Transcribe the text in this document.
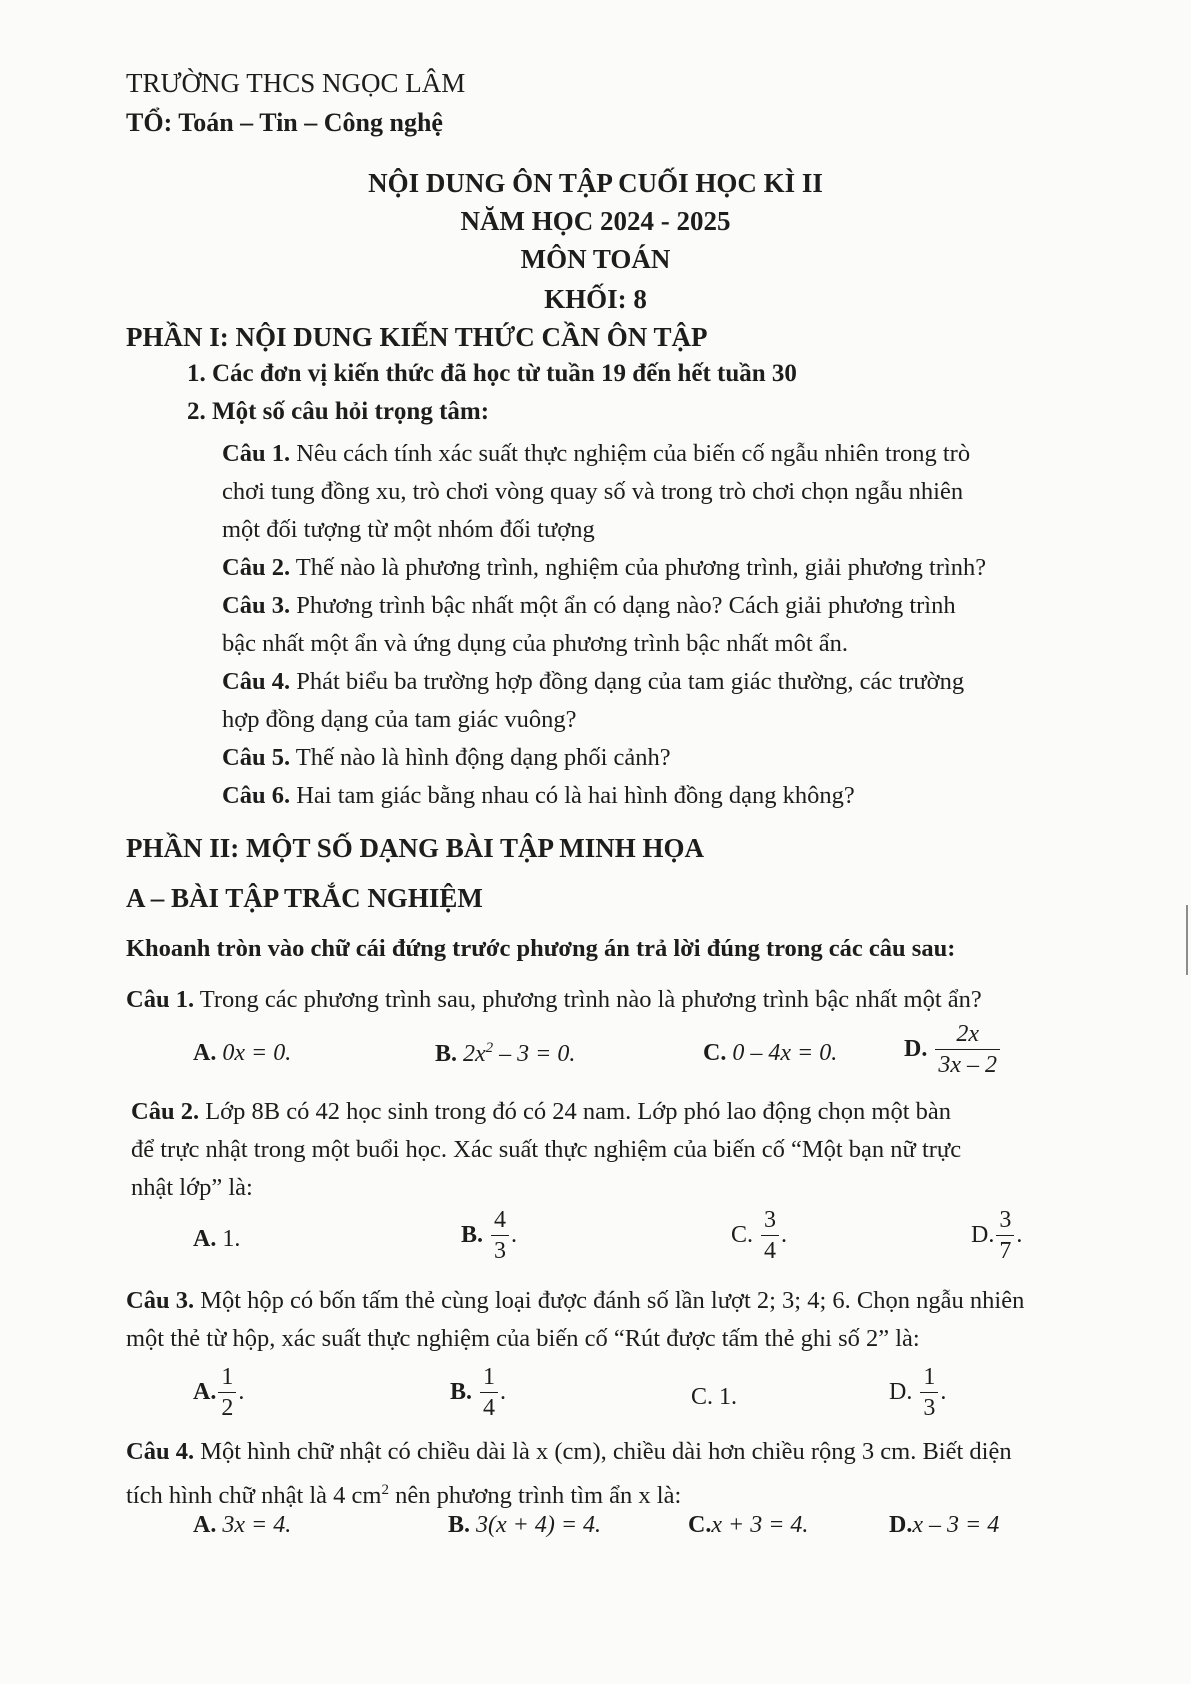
TRƯỜNG THCS NGỌC LÂM
TỔ: Toán – Tin – Công nghệ
NỘI DUNG ÔN TẬP CUỐI HỌC KÌ II
NĂM HỌC 2024 - 2025
MÔN TOÁN
KHỐI: 8
PHẦN I: NỘI DUNG KIẾN THỨC CẦN ÔN TẬP
1. Các đơn vị kiến thức đã học từ tuần 19 đến hết tuần 30
2. Một số câu hỏi trọng tâm:
Câu 1. Nêu cách tính xác suất thực nghiệm của biến cố ngẫu nhiên trong trò
chơi tung đồng xu, trò chơi vòng quay số và trong trò chơi chọn ngẫu nhiên
một đối tượng từ một nhóm đối tượng
Câu 2. Thế nào là phương trình, nghiệm của phương trình, giải phương trình?
Câu 3. Phương trình bậc nhất một ẩn có dạng nào? Cách giải phương trình
bậc nhất một ẩn và ứng dụng của phương trình bậc nhất môt ẩn.
Câu 4. Phát biểu ba trường hợp đồng dạng của tam giác thường, các trường
hợp đồng dạng của tam giác vuông?
Câu 5. Thế nào là hình động dạng phối cảnh?
Câu 6. Hai tam giác bằng nhau có là hai hình đồng dạng không?
PHẦN II: MỘT SỐ DẠNG BÀI TẬP MINH HỌA
A – BÀI TẬP TRẮC NGHIỆM
Khoanh tròn vào chữ cái đứng trước phương án trả lời đúng trong các câu sau:
Câu 1. Trong các phương trình sau, phương trình nào là phương trình bậc nhất một ẩn?
A. 0x = 0.	B. $2x^2 - 3 = 0$.	C. 0 – 4x = 0.	D. $\frac{2x}{3x - 2}$
Câu 2. Lớp 8B có 42 học sinh trong đó có 24 nam. Lớp phó lao động chọn một bàn
để trực nhật trong một buổi học. Xác suất thực nghiệm của biến cố “Một bạn nữ trực
nhật lớp” là:
A. 1.	B. $\frac{4}{3}$ .	C. $\frac{3}{4}$ .	D. $\frac{3}{7}$ .
Câu 3. Một hộp có bốn tấm thẻ cùng loại được đánh số lần lượt 2; 3; 4; 6. Chọn ngẫu nhiên
một thẻ từ hộp, xác suất thực nghiệm của biến cố “Rút được tấm thẻ ghi số 2” là:
A. $\frac{1}{2}$ .	B. $\frac{1}{4}$ .	C. 1.	D. $\frac{1}{3}$ .
Câu 4. Một hình chữ nhật có chiều dài là x (cm), chiều dài hơn chiều rộng 3 cm. Biết diện
tích hình chữ nhật là 4 $cm^2$ nên phương trình tìm ẩn x là:
A. 3x = 4.	B. 3(x + 4) = 4.	C.x + 3 = 4.	D.x – 3 = 4
